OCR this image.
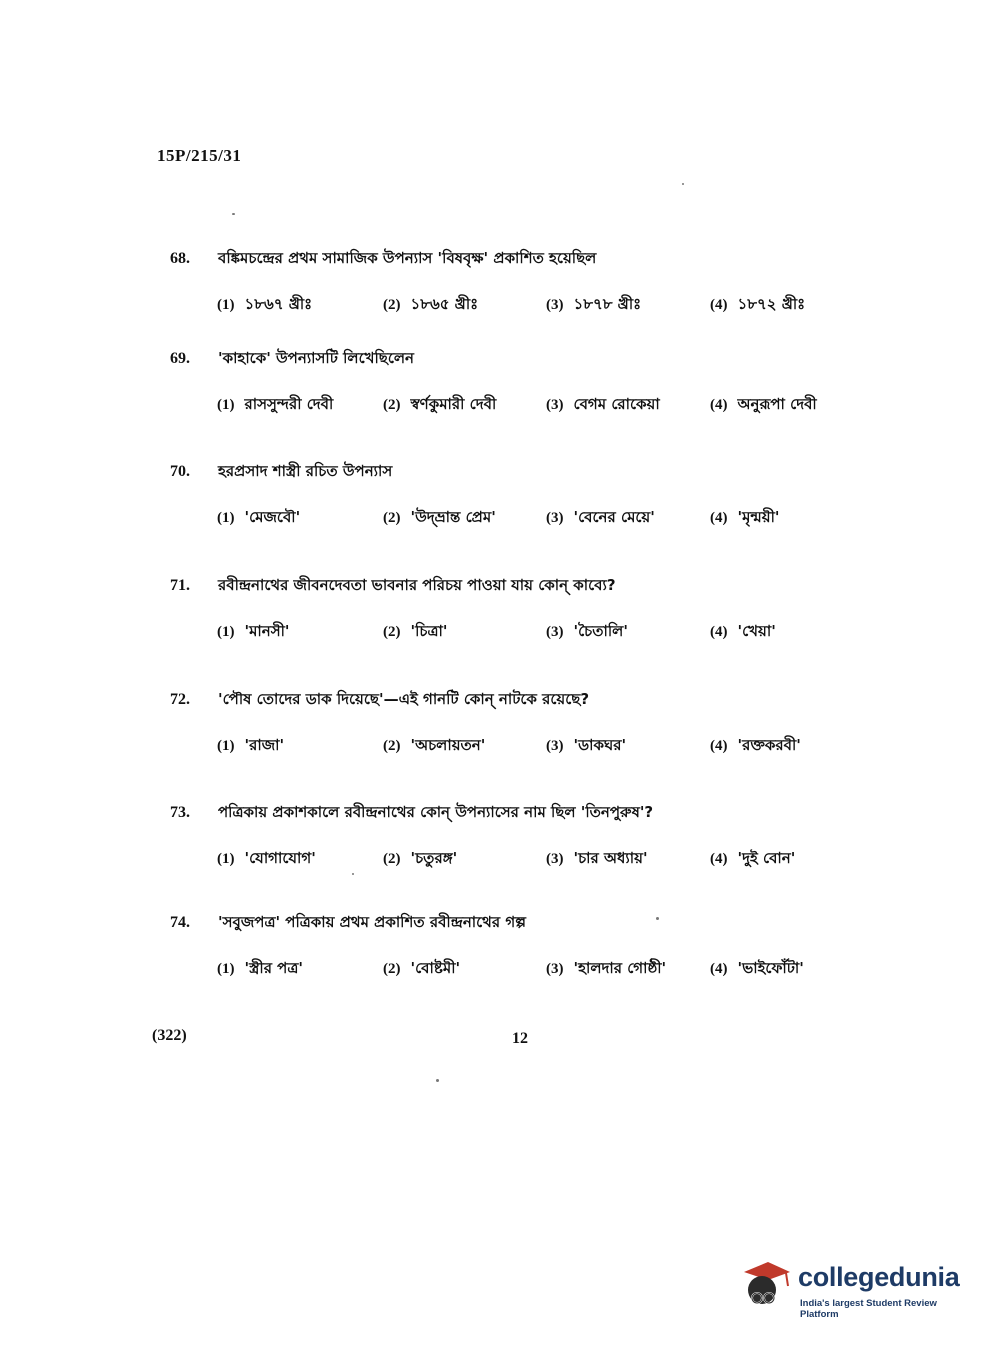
15P/215/31
68. বঙ্কিমচন্দ্রের প্রথম সামাজিক উপন্যাস 'বিষবৃক্ষ' প্রকাশিত হয়েছিল
(1) ১৮৬৭ খ্রীঃ	(2) ১৮৬৫ খ্রীঃ	(3) ১৮৭৮ খ্রীঃ	(4) ১৮৭২ খ্রীঃ
69. 'কাহাকে' উপন্যাসটি লিখেছিলেন
(1) রাসসুন্দরী দেবী	(2) স্বর্ণকুমারী দেবী	(3) বেগম রোকেয়া	(4) অনুরূপা দেবী
70. হরপ্রসাদ শাস্ত্রী রচিত উপন্যাস
(1) 'মেজবৌ'	(2) 'উদ্‌ভ্রান্ত প্রেম'	(3) 'বেনের মেয়ে'	(4) 'মৃন্ময়ী'
71. রবীন্দ্রনাথের জীবনদেবতা ভাবনার পরিচয় পাওয়া যায় কোন্ কাব্যে?
(1) 'মানসী'	(2) 'চিত্রা'	(3) 'চৈতালি'	(4) 'খেয়া'
72. 'পৌষ তোদের ডাক দিয়েছে'—এই গানটি কোন্ নাটকে রয়েছে?
(1) 'রাজা'	(2) 'অচলায়তন'	(3) 'ডাকঘর'	(4) 'রক্তকরবী'
73. পত্রিকায় প্রকাশকালে রবীন্দ্রনাথের কোন্ উপন্যাসের নাম ছিল 'তিনপুরুষ'?
(1) 'যোগাযোগ'	(2) 'চতুরঙ্গ'	(3) 'চার অধ্যায়'	(4) 'দুই বোন'
74. 'সবুজপত্র' পত্রিকায় প্রথম প্রকাশিত রবীন্দ্রনাথের গল্প
(1) 'স্ত্রীর পত্র'	(2) 'বোষ্টমী'	(3) 'হালদার গোষ্ঠী'	(4) 'ভাইফোঁটা'
(322)	12
collegedunia
India's largest Student Review Platform
